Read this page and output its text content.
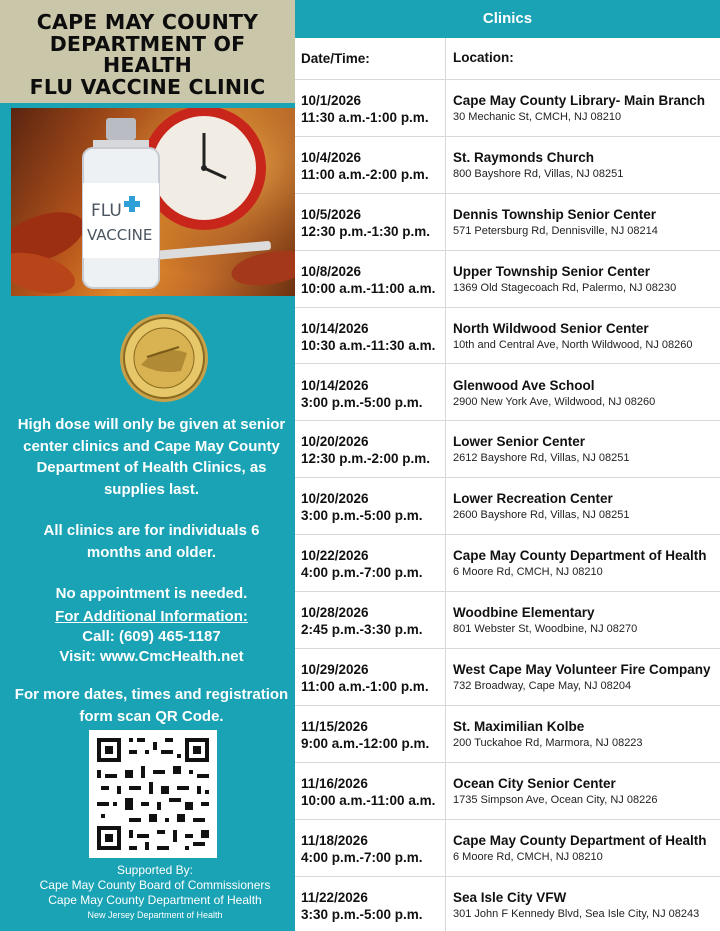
CAPE MAY COUNTY
DEPARTMENT OF
HEALTH
FLU VACCINE CLINIC
FLU
VACCINE
High dose will only be given at senior center clinics and Cape May County Department of Health Clinics, as supplies last.
All clinics are for individuals 6 months and older.
No appointment is needed.
For Additional Information:
Call: (609) 465-1187
Visit: www.CmcHealth.net
For more dates, times and registration form scan QR Code.
Supported By:
Cape May County Board of Commissioners
Cape May County Department of Health
New Jersey Department of Health
Clinics
Date/Time:	Location:
10/1/2026
11:30 a.m.-1:00 p.m.
Cape May County Library- Main Branch
30 Mechanic St, CMCH, NJ 08210
10/4/2026
11:00 a.m.-2:00 p.m.
St. Raymonds Church
800 Bayshore Rd, Villas, NJ 08251
10/5/2026
12:30 p.m.-1:30 p.m.
Dennis Township Senior Center
571 Petersburg Rd, Dennisville, NJ 08214
10/8/2026
10:00 a.m.-11:00 a.m.
Upper Township Senior Center
1369 Old Stagecoach Rd, Palermo, NJ 08230
10/14/2026
10:30 a.m.-11:30 a.m.
North Wildwood Senior Center
10th and Central Ave, North Wildwood, NJ 08260
10/14/2026
3:00 p.m.-5:00 p.m.
Glenwood Ave School
2900 New York Ave, Wildwood, NJ 08260
10/20/2026
12:30 p.m.-2:00 p.m.
Lower Senior Center
2612 Bayshore Rd, Villas, NJ 08251
10/20/2026
3:00 p.m.-5:00 p.m.
Lower Recreation Center
2600 Bayshore Rd, Villas, NJ 08251
10/22/2026
4:00 p.m.-7:00 p.m.
Cape May County Department of Health
6 Moore Rd, CMCH, NJ 08210
10/28/2026
2:45 p.m.-3:30 p.m.
Woodbine Elementary
801 Webster St, Woodbine, NJ 08270
10/29/2026
11:00 a.m.-1:00 p.m.
West Cape May Volunteer Fire Company
732 Broadway, Cape May, NJ 08204
11/15/2026
9:00 a.m.-12:00 p.m.
St. Maximilian Kolbe
200 Tuckahoe Rd, Marmora, NJ 08223
11/16/2026
10:00 a.m.-11:00 a.m.
Ocean City Senior Center
1735 Simpson Ave, Ocean City, NJ 08226
11/18/2026
4:00 p.m.-7:00 p.m.
Cape May County Department of Health
6 Moore Rd, CMCH, NJ 08210
11/22/2026
3:30 p.m.-5:00 p.m.
Sea Isle City VFW
301 John F Kennedy Blvd, Sea Isle City, NJ 08243
